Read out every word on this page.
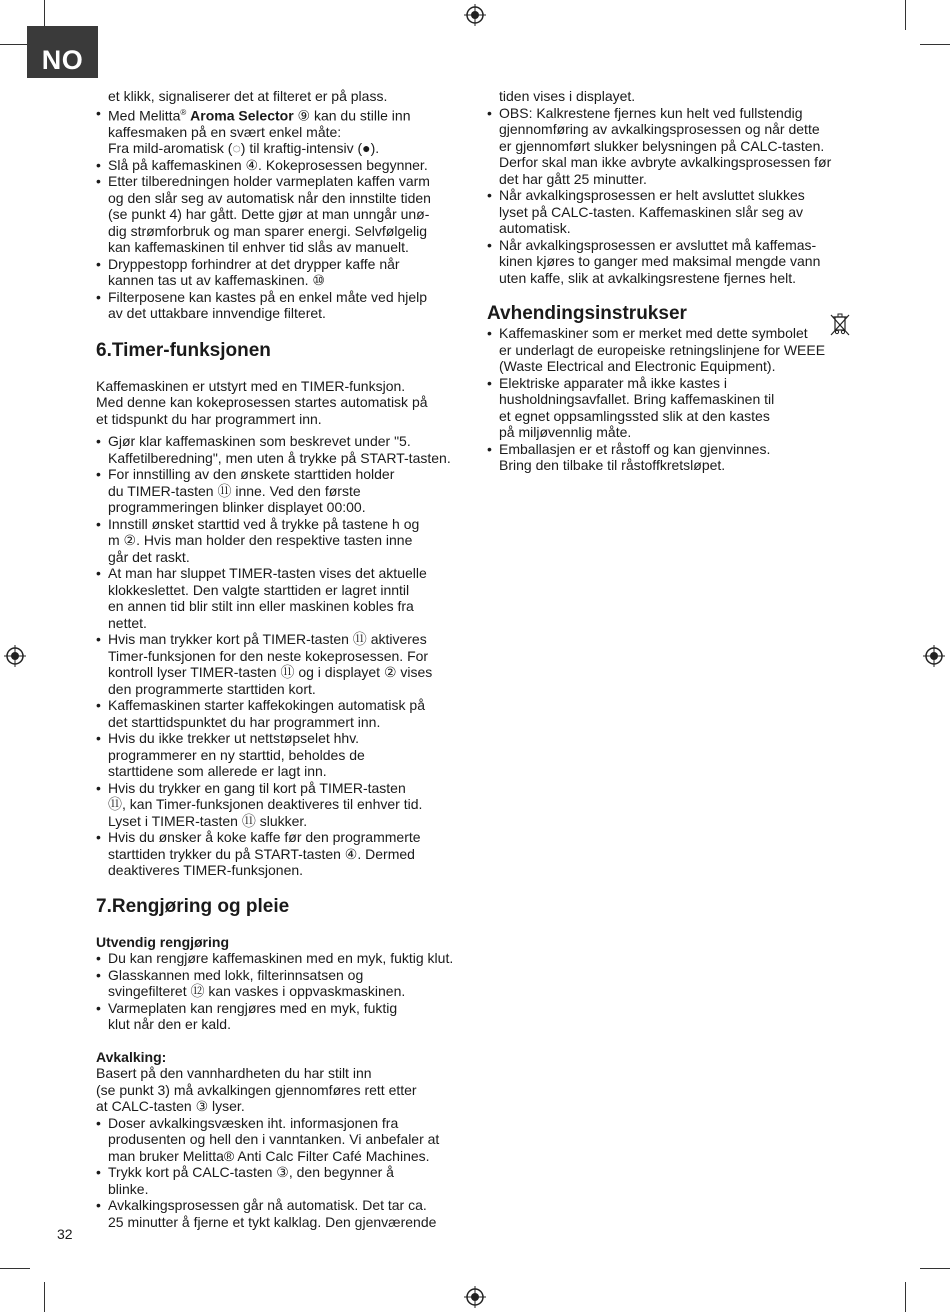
NO
et klikk, signaliserer det at filteret er på plass.
• Med Melitta® Aroma Selector ⑨ kan du stille inn
kaffesmaken på en svært enkel måte:
Fra mild-aromatisk (◌) til kraftig-intensiv (●).
• Slå på kaffemaskinen ④. Kokeprosessen begynner.
• Etter tilberedningen holder varmeplaten kaffen varm
og den slår seg av automatisk når den innstilte tiden
(se punkt 4) har gått. Dette gjør at man unngår unø-
dig strømforbruk og man sparer energi. Selvfølgelig
kan kaffemaskinen til enhver tid slås av manuelt.
• Dryppestopp forhindrer at det drypper kaffe når
kannen tas ut av kaffemaskinen. ⑩
• Filterposene kan kastes på en enkel måte ved hjelp
av det uttakbare innvendige filteret.
6.Timer-funksjonen
Kaffemaskinen er utstyrt med en TIMER-funksjon.
Med denne kan kokeprosessen startes automatisk på
et tidspunkt du har programmert inn.
• Gjør klar kaffemaskinen som beskrevet under "5.
Kaffetilberedning", men uten å trykke på START-tasten.
• For innstilling av den ønskete starttiden holder
du TIMER-tasten ⑪ inne. Ved den første
programmeringen blinker displayet 00:00.
• Innstill ønsket starttid ved å trykke på tastene h og
m ②. Hvis man holder den respektive tasten inne
går det raskt.
• At man har sluppet TIMER-tasten vises det aktuelle
klokkeslettet. Den valgte starttiden er lagret inntil
en annen tid blir stilt inn eller maskinen kobles fra
nettet.
• Hvis man trykker kort på TIMER-tasten ⑪ aktiveres
Timer-funksjonen for den neste kokeprosessen. For
kontroll lyser TIMER-tasten ⑪ og i displayet ② vises
den programmerte starttiden kort.
• Kaffemaskinen starter kaffekokingen automatisk på
det starttidspunktet du har programmert inn.
• Hvis du ikke trekker ut nettstøpselet hhv.
programmerer en ny starttid, beholdes de
starttidene som allerede er lagt inn.
• Hvis du trykker en gang til kort på TIMER-tasten
⑪, kan Timer-funksjonen deaktiveres til enhver tid.
Lyset i TIMER-tasten ⑪ slukker.
• Hvis du ønsker å koke kaffe før den programmerte
starttiden trykker du på START-tasten ④. Dermed
deaktiveres TIMER-funksjonen.
7.Rengjøring og pleie
Utvendig rengjøring
• Du kan rengjøre kaffemaskinen med en myk, fuktig klut.
• Glasskannen med lokk, filterinnsatsen og
svingefilteret ⑫ kan vaskes i oppvaskmaskinen.
• Varmeplaten kan rengjøres med en myk, fuktig
klut når den er kald.
Avkalking:
Basert på den vannhardheten du har stilt inn
(se punkt 3) må avkalkingen gjennomføres rett etter
at CALC-tasten ③ lyser.
• Doser avkalkingsvæsken iht. informasjonen fra
produsenten og hell den i vanntanken. Vi anbefaler at
man bruker Melitta® Anti Calc Filter Café Machines.
• Trykk kort på CALC-tasten ③, den begynner å
blinke.
• Avkalkingsprosessen går nå automatisk. Det tar ca.
25 minutter å fjerne et tykt kalklag. Den gjenværende
tiden vises i displayet.
• OBS: Kalkrestene fjernes kun helt ved fullstendig
gjennomføring av avkalkingsprosessen og når dette
er gjennomført slukker belysningen på CALC-tasten.
Derfor skal man ikke avbryte avkalkingsprosessen før
det har gått 25 minutter.
• Når avkalkingsprosessen er helt avsluttet slukkes
lyset på CALC-tasten. Kaffemaskinen slår seg av
automatisk.
• Når avkalkingsprosessen er avsluttet må kaffemas-
kinen kjøres to ganger med maksimal mengde vann
uten kaffe, slik at avkalkingsrestene fjernes helt.
Avhendingsinstrukser
• Kaffemaskiner som er merket med dette symbolet
er underlagt de europeiske retningslinjene for WEEE
(Waste Electrical and Electronic Equipment).
• Elektriske apparater må ikke kastes i
husholdningsavfallet. Bring kaffemaskinen til
et egnet oppsamlingssted slik at den kastes
på miljøvennlig måte.
• Emballasjen er et råstoff og kan gjenvinnes.
Bring den tilbake til råstoffkretsløpet.
32
